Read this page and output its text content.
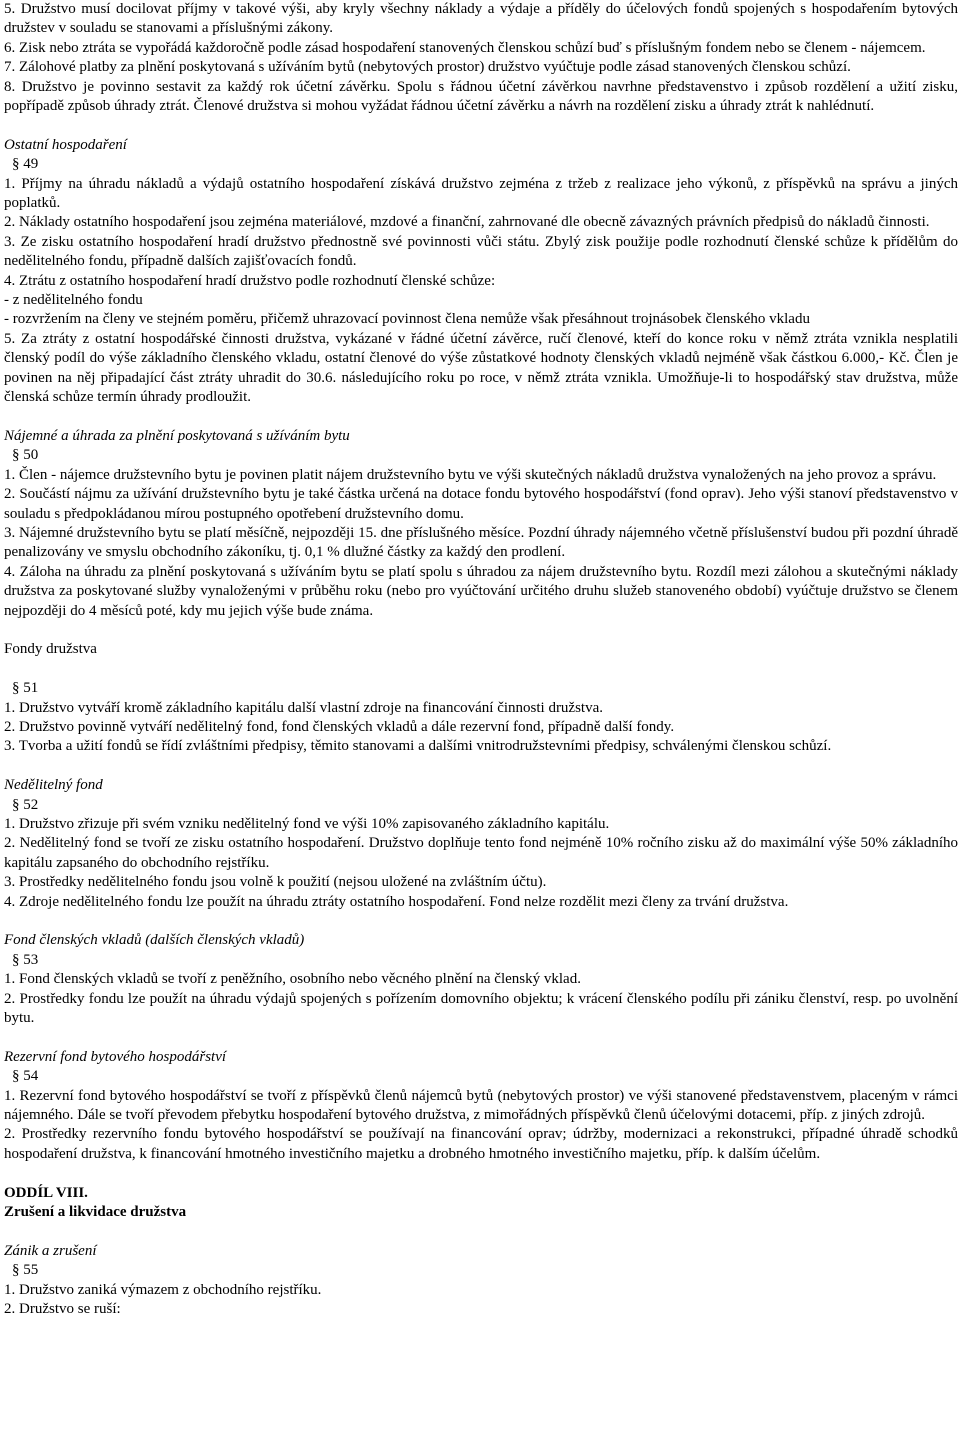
5. Družstvo musí docilovat příjmy v takové výši, aby kryly všechny náklady a výdaje a příděly do účelových fondů spojených s hospodařením bytových družstev v souladu se stanovami a příslušnými zákony.

6. Zisk nebo ztráta se vypořádá každoročně podle zásad hospodaření stanovených členskou schůzí buď s příslušným fondem nebo se členem - nájemcem.

7. Zálohové platby za plnění poskytovaná s užíváním bytů (nebytových prostor) družstvo vyúčtuje podle zásad stanovených členskou schůzí.

8. Družstvo je povinno sestavit za každý rok účetní závěrku. Spolu s řádnou účetní závěrkou navrhne představenstvo i způsob rozdělení a užití zisku, popřípadě způsob úhrady ztrát. Členové družstva si mohou vyžádat řádnou účetní závěrku a návrh na rozdělení zisku a úhrady ztrát k nahlédnutí.

Ostatní hospodaření

§ 49

1. Příjmy na úhradu nákladů a výdajů ostatního hospodaření získává družstvo zejména z tržeb z realizace jeho výkonů, z příspěvků na správu a jiných poplatků.

2. Náklady ostatního hospodaření jsou zejména materiálové, mzdové a finanční, zahrnované dle obecně závazných právních předpisů do nákladů činnosti.

3. Ze zisku ostatního hospodaření hradí družstvo přednostně své povinnosti vůči státu. Zbylý zisk použije podle rozhodnutí členské schůze k přídělům do nedělitelného fondu, případně dalších zajišťovacích fondů.

4. Ztrátu z ostatního hospodaření hradí družstvo podle rozhodnutí členské schůze:

- z nedělitelného fondu

- rozvržením na členy ve stejném poměru, přičemž uhrazovací povinnost člena nemůže však přesáhnout trojnásobek členského vkladu

5. Za ztráty z ostatní hospodářské činnosti družstva, vykázané v řádné účetní závěrce, ručí členové, kteří do konce roku v němž ztráta vznikla nesplatili členský podíl do výše základního členského vkladu, ostatní členové do výše zůstatkové hodnoty členských vkladů nejméně však částkou 6.000,- Kč. Člen je povinen na něj připadající část ztráty uhradit do 30.6. následujícího roku po roce, v němž ztráta vznikla. Umožňuje-li to hospodářský stav družstva, může členská schůze termín úhrady prodloužit.

Nájemné a úhrada za plnění poskytovaná s užíváním bytu

§ 50

1. Člen - nájemce družstevního bytu je povinen platit nájem družstevního bytu ve výši skutečných nákladů družstva vynaložených na jeho provoz a správu.

2. Součástí nájmu za užívání družstevního bytu je také částka určená na dotace fondu bytového hospodářství (fond oprav). Jeho výši stanoví představenstvo v souladu s předpokládanou mírou postupného opotřebení družstevního domu.

3. Nájemné družstevního bytu se platí měsíčně, nejpozději 15. dne příslušného měsíce. Pozdní úhrady nájemného včetně příslušenství budou při pozdní úhradě penalizovány ve smyslu obchodního zákoníku, tj. 0,1 % dlužné částky za každý den prodlení.

4. Záloha na úhradu za plnění poskytovaná s užíváním bytu se platí spolu s úhradou za nájem družstevního bytu. Rozdíl mezi zálohou a skutečnými náklady družstva za poskytované služby vynaloženými v průběhu roku (nebo pro vyúčtování určitého druhu služeb stanoveného období) vyúčtuje družstvo se členem nejpozději do 4 měsíců poté, kdy mu jejich výše bude známa.

Fondy družstva

§ 51

1. Družstvo vytváří kromě základního kapitálu další vlastní zdroje na financování činnosti družstva.

2. Družstvo povinně vytváří nedělitelný fond, fond členských vkladů a dále rezervní fond, případně další fondy.

3. Tvorba a užití fondů se řídí zvláštními předpisy, těmito stanovami a dalšími vnitrodružstevními předpisy, schválenými členskou schůzí.

Nedělitelný fond

§ 52

1. Družstvo zřizuje při svém vzniku nedělitelný fond ve výši 10% zapisovaného základního kapitálu.

2. Nedělitelný fond se tvoří ze zisku ostatního hospodaření. Družstvo doplňuje tento fond nejméně 10% ročního zisku až do maximální výše 50% základního kapitálu zapsaného do obchodního rejstříku.

3. Prostředky nedělitelného fondu jsou volně k použití (nejsou uložené na zvláštním účtu).

4. Zdroje nedělitelného fondu lze použít na úhradu ztráty ostatního hospodaření. Fond nelze rozdělit mezi členy za trvání družstva.

Fond členských vkladů (dalších členských vkladů)

§ 53

1. Fond členských vkladů se tvoří z peněžního, osobního nebo věcného plnění na členský vklad.

2. Prostředky fondu lze použít na úhradu výdajů spojených s pořízením domovního objektu; k vrácení členského podílu při zániku členství, resp. po uvolnění bytu.

Rezervní fond bytového hospodářství

§ 54

1. Rezervní fond bytového hospodářství se tvoří z příspěvků členů nájemců bytů (nebytových prostor) ve výši stanovené představenstvem, placeným v rámci nájemného. Dále se tvoří převodem přebytku hospodaření bytového družstva, z mimořádných příspěvků členů účelovými dotacemi, příp. z jiných zdrojů.

2. Prostředky rezervního fondu bytového hospodářství se používají na financování oprav; údržby, modernizaci a rekonstrukci, případné úhradě schodků hospodaření družstva, k financování hmotného investičního majetku a drobného hmotného investičního majetku, příp. k dalším účelům.

ODDÍL VIII.
Zrušení a likvidace družstva

Zánik a zrušení

§ 55

1. Družstvo zaniká výmazem z obchodního rejstříku.

2. Družstvo se ruší:
